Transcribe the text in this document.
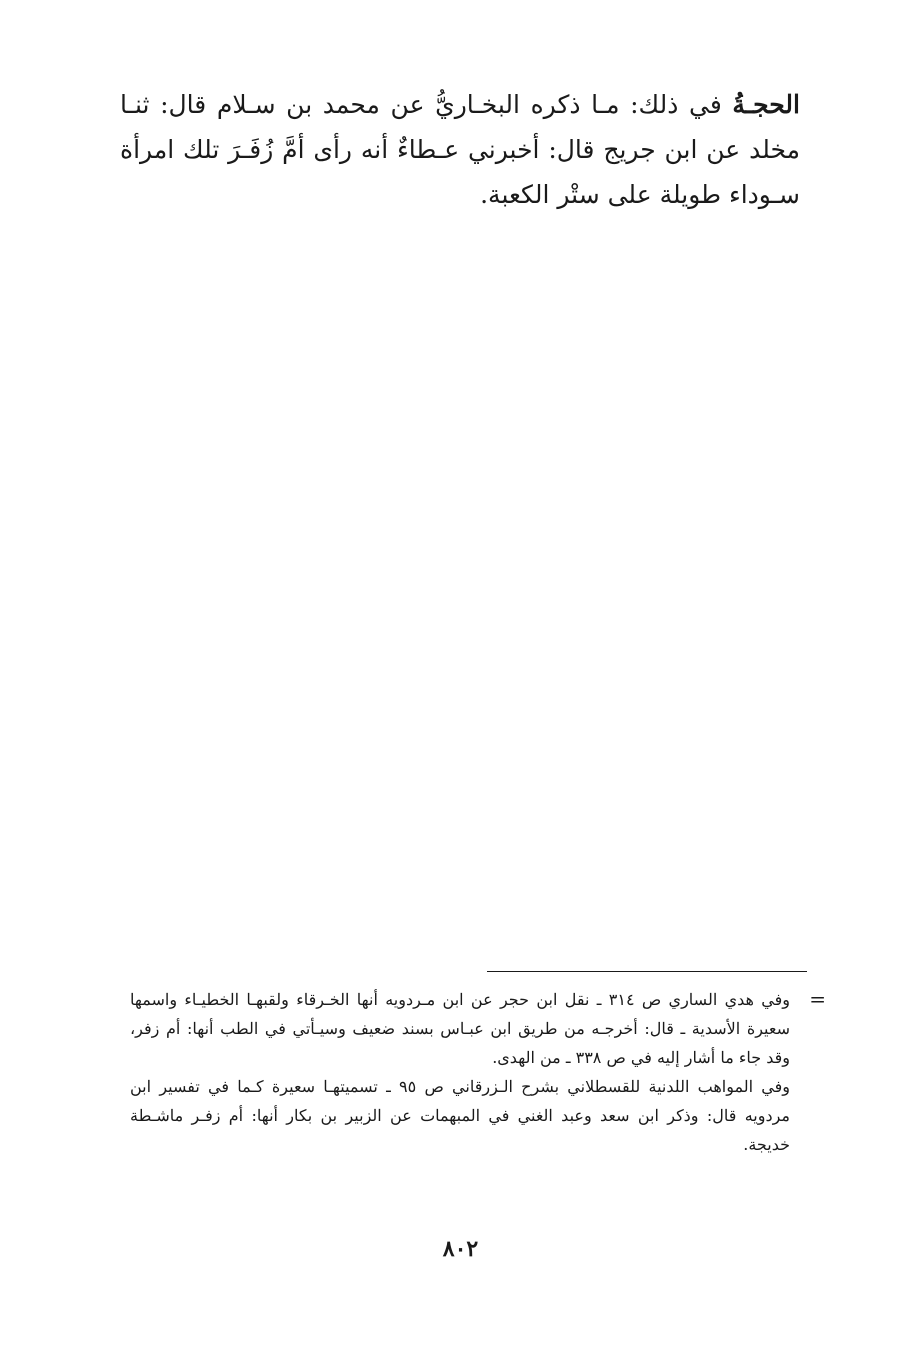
الحجـةُ في ذلك: مـا ذكره البخـاريُّ عن محمد بن سـلام قال: ثنـا مخلد عن ابن جريج قال: أخبرني عـطاءٌ أنه رأى أمَّ زُفَـرَ تلك امرأة سـوداء طويلة على ستْر الكعبة.
=

وفي هدي الساري ص ٣١٤ ـ نقل ابن حجر عن ابن مـردويه أنها الخـرقاء ولقبهـا الخطيـاء واسمها سعيرة الأسدية ـ قال: أخرجـه من طريق ابن عبـاس بسند ضعيف وسيـأتي في الطب أنها: أم زفر، وقد جاء ما أشار إليه في ص ٣٣٨ ـ من الهدى.

وفي المواهب اللدنية للقسطلاني بشرح الـزرقاني ص ٩٥ ـ تسميتهـا سعيرة كـما في تفسير ابن مردويه قال: وذكر ابن سعد وعبد الغني في المبهمات عن الزبير بن بكار أنها: أم زفـر ماشـطة خديجة.

٨٠٢
